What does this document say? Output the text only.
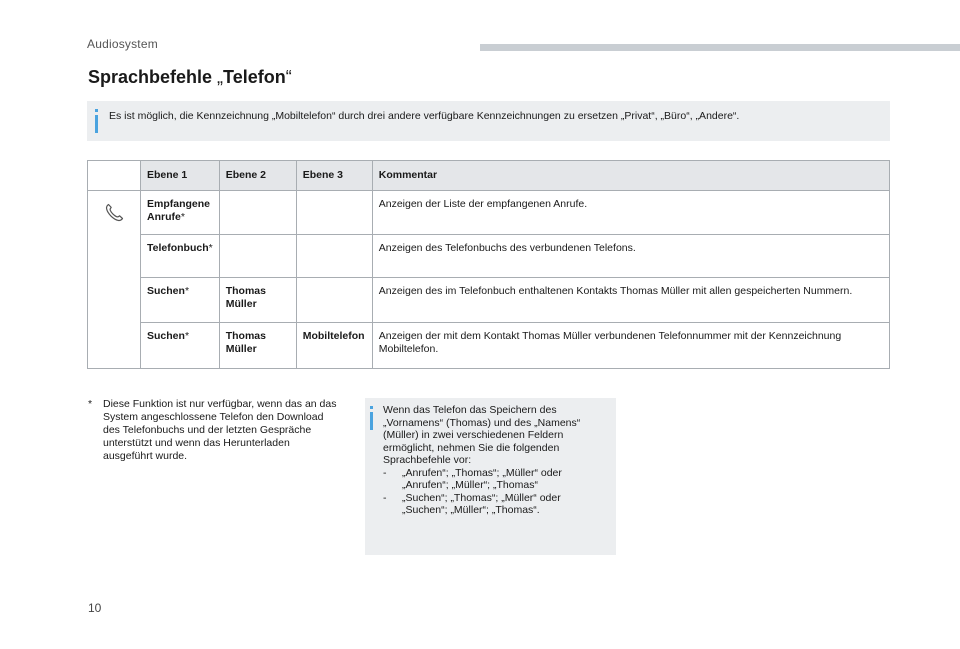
Audiosystem
Sprachbefehle „Telefon“
Es ist möglich, die Kennzeichnung „Mobiltelefon“ durch drei andere verfügbare Kennzeichnungen zu ersetzen „Privat“, „Büro“, „Andere“.
	Ebene 1	Ebene 2	Ebene 3	Kommentar
	Empfangene Anrufe*			Anzeigen der Liste der empfangenen Anrufe.
	Telefonbuch*			Anzeigen des Telefonbuchs des verbundenen Telefons.
	Suchen*	Thomas Müller		Anzeigen des im Telefonbuch enthaltenen Kontakts Thomas Müller mit allen gespeicherten Nummern.
	Suchen*	Thomas Müller	Mobiltelefon	Anzeigen der mit dem Kontakt Thomas Müller verbundenen Telefonnummer mit der Kennzeichnung Mobiltelefon.
* Diese Funktion ist nur verfügbar, wenn das an das System angeschlossene Telefon den Download des Telefonbuchs und der letzten Gespräche unterstützt und wenn das Herunterladen ausgeführt wurde.
Wenn das Telefon das Speichern des „Vornamens“ (Thomas) und des „Namens“ (Müller) in zwei verschiedenen Feldern ermöglicht, nehmen Sie die folgenden Sprachbefehle vor:
- „Anrufen“; „Thomas“; „Müller“ oder „Anrufen“; „Müller“; „Thomas“
- „Suchen“; „Thomas“; „Müller“ oder „Suchen“; „Müller“; „Thomas“.
10
